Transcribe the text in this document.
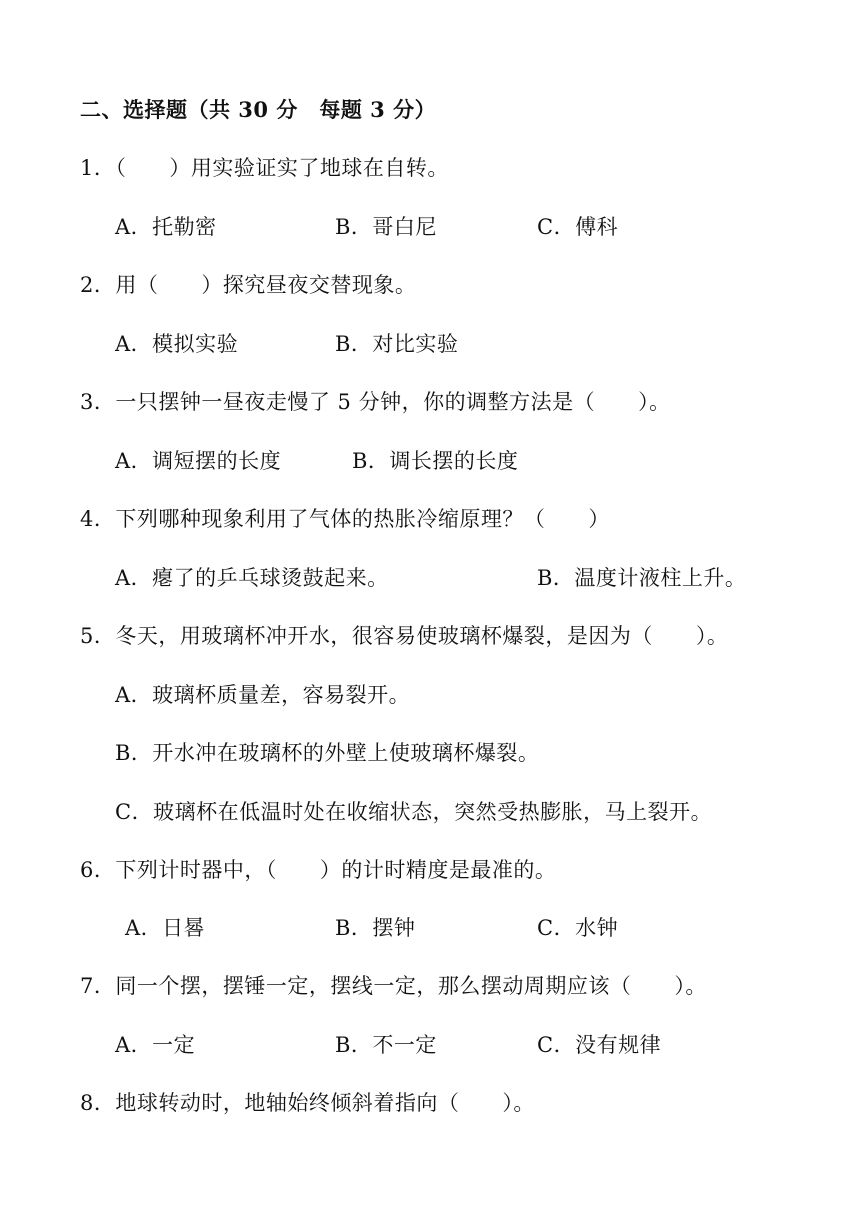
二、选择题（共 30 分　每题 3 分）
1．（　　）用实验证实了地球在自转。
A．托勒密	B．哥白尼	C．傅科
2．用（　　）探究昼夜交替现象。
A．模拟实验	B．对比实验
3．一只摆钟一昼夜走慢了 5 分钟，你的调整方法是（　　）。
A．调短摆的长度	B．调长摆的长度
4．下列哪种现象利用了气体的热胀冷缩原理？（　　）
A．瘪了的乒乓球烫鼓起来。	B．温度计液柱上升。
5．冬天，用玻璃杯冲开水，很容易使玻璃杯爆裂，是因为（　　）。
A．玻璃杯质量差，容易裂开。
B．开水冲在玻璃杯的外壁上使玻璃杯爆裂。
C．玻璃杯在低温时处在收缩状态，突然受热膨胀，马上裂开。
6．下列计时器中，（　　）的计时精度是最准的。
A．日晷	B．摆钟	C．水钟
7．同一个摆，摆锤一定，摆线一定，那么摆动周期应该（　　）。
A．一定	B．不一定	C．没有规律
8．地球转动时，地轴始终倾斜着指向（　　）。
